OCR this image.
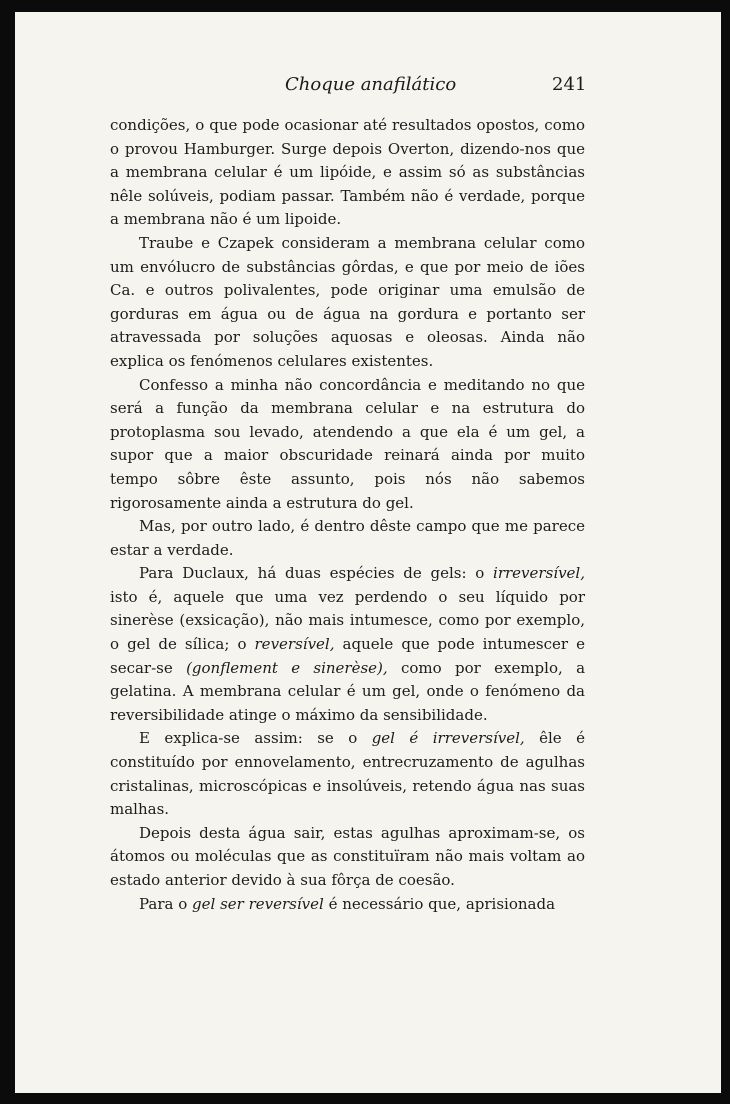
Choque anafilático	241

condições, o que pode ocasionar até resultados opostos, como o provou Hamburger. Surge depois Overton, dizendo-nos que a membrana celular é um lipóide, e assim só as substâncias nêle solúveis, podiam passar. Também não é verdade, porque a membrana não é um lipoide.

Traube e Czapek consideram a membrana celular como um envólucro de substâncias gôrdas, e que por meio de iões Ca. e outros polivalentes, pode originar uma emulsão de gorduras em água ou de água na gordura e portanto ser atravessada por soluções aquosas e oleosas. Ainda não explica os fenómenos celulares existentes.

Confesso a minha não concordância e meditando no que será a função da membrana celular e na estrutura do protoplasma sou levado, atendendo a que ela é um gel, a supor que a maior obscuridade reinará ainda por muito tempo sôbre êste assunto, pois nós não sabemos rigorosamente ainda a estrutura do gel.

Mas, por outro lado, é dentro dêste campo que me parece estar a verdade.

Para Duclaux, há duas espécies de gels: o irreversível, isto é, aquele que uma vez perdendo o seu líquido por sinerèse (exsicação), não mais intumesce, como por exemplo, o gel de sílica; o reversível, aquele que pode intumescer e secar-se (gonflement e sinerèse), como por exemplo, a gelatina. A membrana celular é um gel, onde o fenómeno da reversibilidade atinge o máximo da sensibilidade.

E explica-se assim: se o gel é irreversível, êle é constituído por ennovelamento, entrecruzamento de agulhas cristalinas, microscópicas e insolúveis, retendo água nas suas malhas.

Depois desta água sair, estas agulhas aproximam-se, os átomos ou moléculas que as constituïram não mais voltam ao estado anterior devido à sua fôrça de coesão.

Para o gel ser reversível é necessário que, aprisionada
